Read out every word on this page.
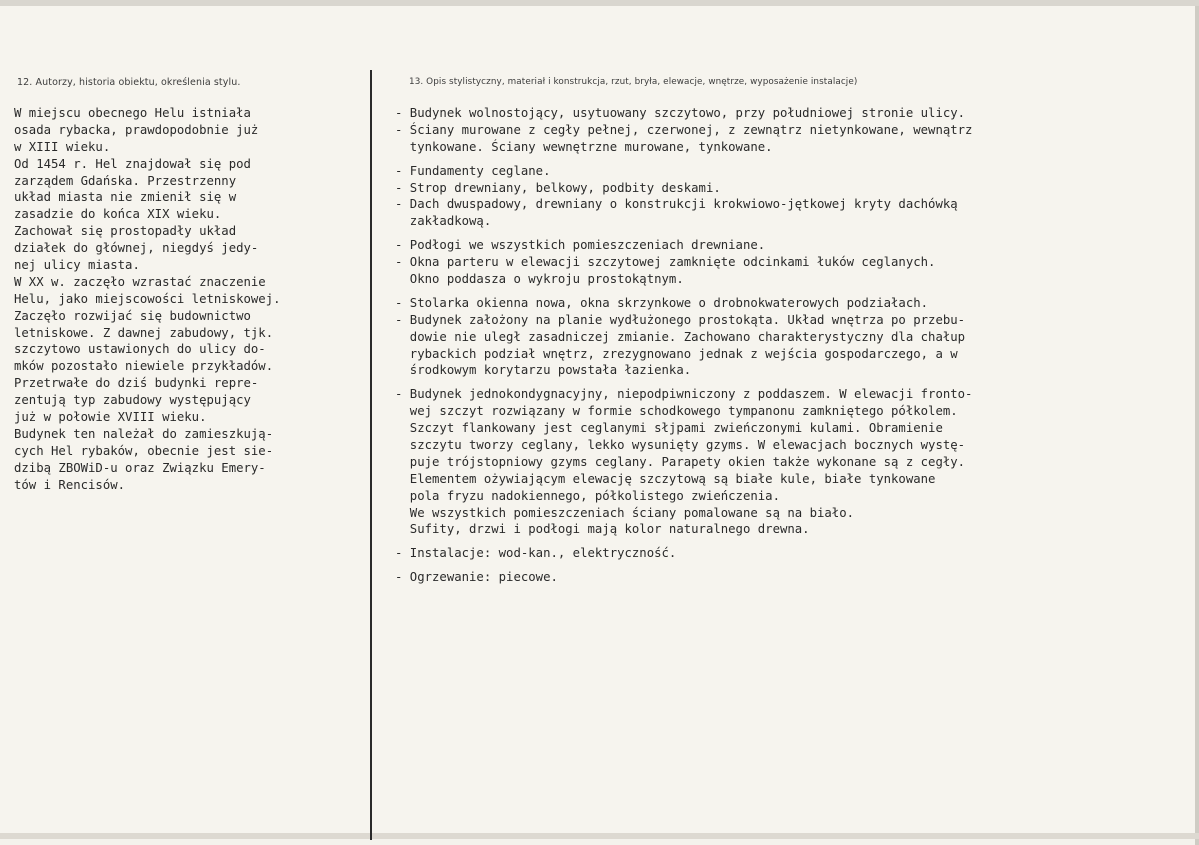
12. Autorzy, historia obiektu, określenia stylu.	13. Opis stylistyczny, materiał i konstrukcja, rzut, bryła, elewacje, wnętrze, wyposażenie instalacje)
W miejscu obecnego Helu istniała
osada rybacka, prawdopodobnie już
w XIII wieku.
Od 1454 r. Hel znajdował się pod
zarządem Gdańska. Przestrzenny
układ miasta nie zmienił się w
zasadzie do końca XIX wieku.
Zachował się prostopadły układ
działek do głównej, niegdyś jedy-
nej ulicy miasta.
W XX w. zaczęło wzrastać znaczenie
Helu, jako miejscowości letniskowej.
Zaczęło rozwijać się budownictwo
letniskowe. Z dawnej zabudowy, tjk.
szczytowo ustawionych do ulicy do-
mków pozostało niewiele przykładów.
Przetrwałe do dziś budynki repre-
zentują typ zabudowy występujący
już w połowie XVIII wieku.
Budynek ten należał do zamieszkują-
cych Hel rybaków, obecnie jest sie-
dzibą ZBOWiD-u oraz Związku Emery-
tów i Rencisów.
- Budynek wolnostojący, usytuowany szczytowo, przy południowej stronie ulicy.
- Ściany murowane z cegły pełnej, czerwonej, z zewnątrz nietynkowane, wewnątrz
tynkowane. Ściany wewnętrzne murowane, tynkowane.
- Fundamenty ceglane.
- Strop drewniany, belkowy, podbity deskami.
- Dach dwuspadowy, drewniany o konstrukcji krokwiowo-jętkowej kryty dachówką
zakładkową.
- Podłogi we wszystkich pomieszczeniach drewniane.
- Okna parteru w elewacji szczytowej zamknięte odcinkami łuków ceglanych.
Okno poddasza o wykroju prostokątnym.
- Stolarka okienna nowa, okna skrzynkowe o drobnokwaterowych podziałach.
- Budynek założony na planie wydłużonego prostokąta. Układ wnętrza po przebu-
dowie nie uległ zasadniczej zmianie. Zachowano charakterystyczny dla chałup
rybackich podział wnętrz, zrezygnowano jednak z wejścia gospodarczego, a w
środkowym korytarzu powstała łazienka.
- Budynek jednokondygnacyjny, niepodpiwniczony z poddaszem. W elewacji fronto-
wej szczyt rozwiązany w formie schodkowego tympanonu zamkniętego półkolem.
Szczyt flankowany jest ceglanymi słjpami zwieńczonymi kulami. Obramienie
szczytu tworzy ceglany, lekko wysunięty gzyms. W elewacjach bocznych wystę-
puje trójstopniowy gzyms ceglany. Parapety okien także wykonane są z cegły.
Elementem ożywiającym elewację szczytową są białe kule, białe tynkowane
pola fryzu nadokiennego, półkolistego zwieńczenia.
We wszystkich pomieszczeniach ściany pomalowane są na biało.
Sufity, drzwi i podłogi mają kolor naturalnego drewna.
- Instalacje: wod-kan., elektryczność.
- Ogrzewanie: piecowe.
